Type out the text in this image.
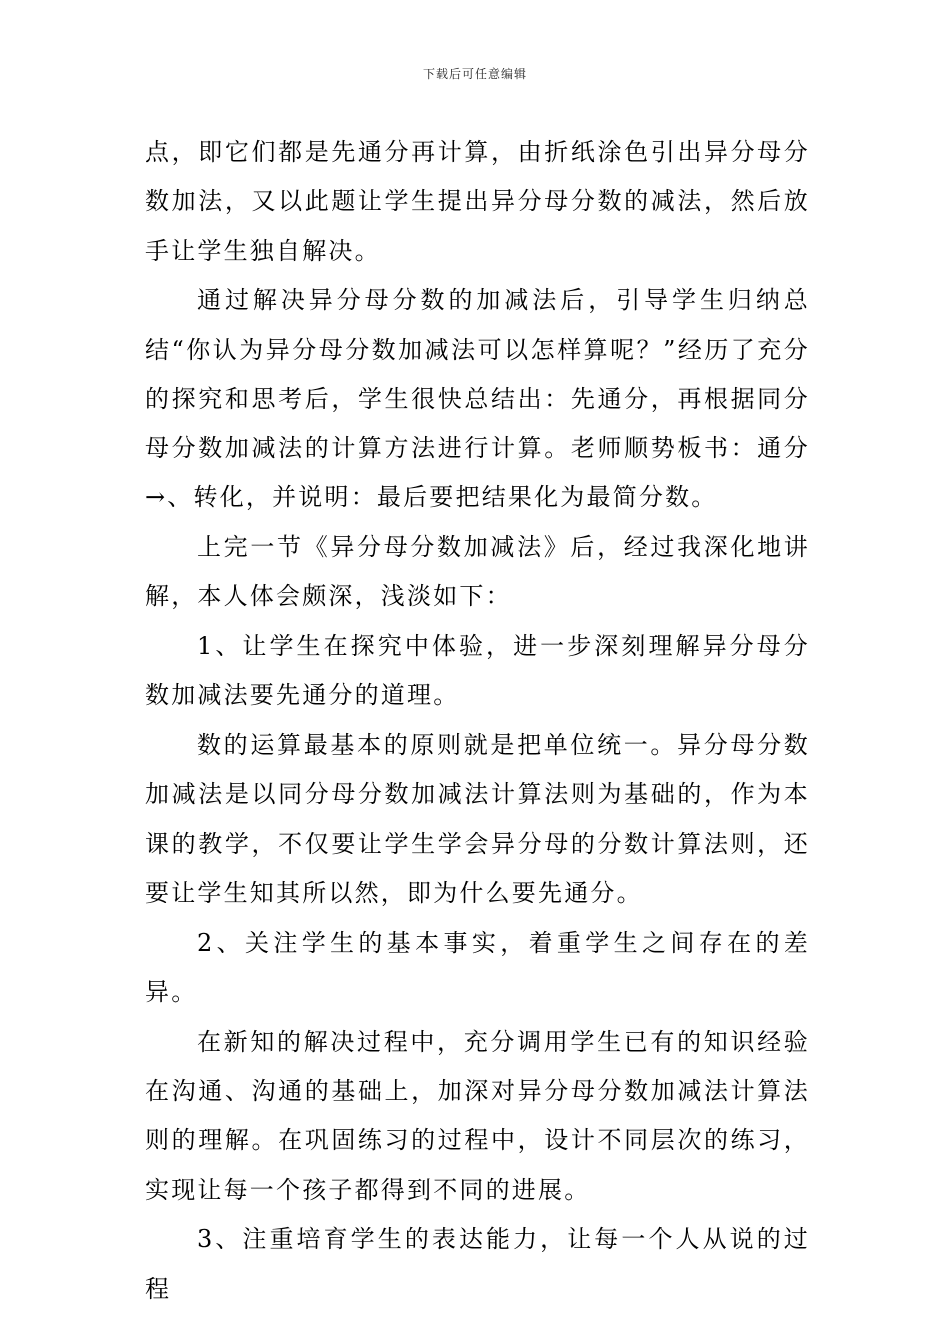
下载后可任意编辑

点，即它们都是先通分再计算，由折纸涂色引出异分母分数加法，又以此题让学生提出异分母分数的减法，然后放手让学生独自解决。

通过解决异分母分数的加减法后，引导学生归纳总结“你认为异分母分数加减法可以怎样算呢？”经历了充分的探究和思考后，学生很快总结出：先通分，再根据同分母分数加减法的计算方法进行计算。老师顺势板书：通分→、转化，并说明：最后要把结果化为最简分数。

上完一节《异分母分数加减法》后，经过我深化地讲解，本人体会颇深，浅淡如下：

1、让学生在探究中体验，进一步深刻理解异分母分数加减法要先通分的道理。

数的运算最基本的原则就是把单位统一。异分母分数加减法是以同分母分数加减法计算法则为基础的，作为本课的教学，不仅要让学生学会异分母的分数计算法则，还要让学生知其所以然，即为什么要先通分。

2、关注学生的基本事实，着重学生之间存在的差异。

在新知的解决过程中，充分调用学生已有的知识经验在沟通、沟通的基础上，加深对异分母分数加减法计算法则的理解。在巩固练习的过程中，设计不同层次的练习，实现让每一个孩子都得到不同的进展。

3、注重培育学生的表达能力，让每一个人从说的过程
